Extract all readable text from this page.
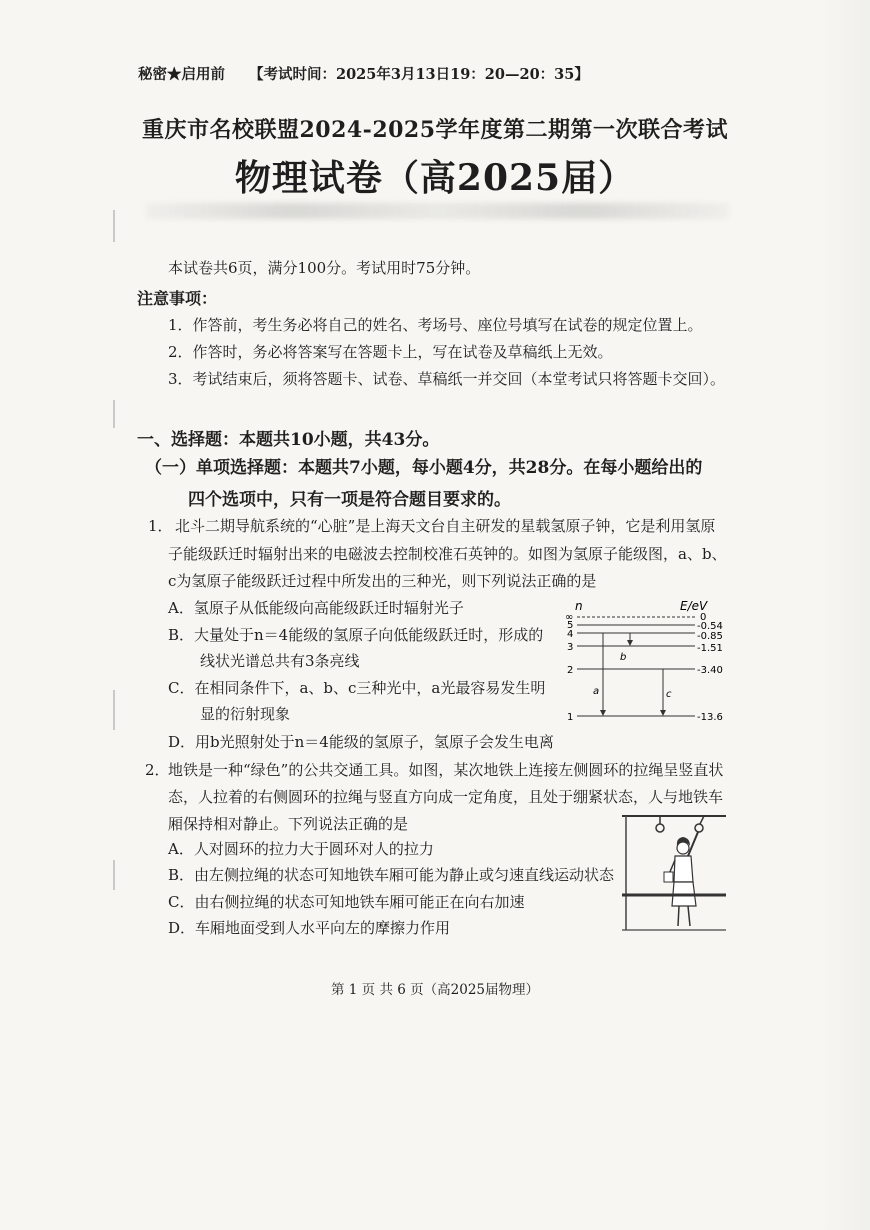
秘密★启用前 【考试时间：2025年3月13日19：20—20：35】
重庆市名校联盟2024-2025学年度第二期第一次联合考试
物理试卷（高2025届）
本试卷共6页，满分100分。考试用时75分钟。
注意事项：
1．作答前，考生务必将自己的姓名、考场号、座位号填写在试卷的规定位置上。
2．作答时，务必将答案写在答题卡上，写在试卷及草稿纸上无效。
3．考试结束后，须将答题卡、试卷、草稿纸一并交回（本堂考试只将答题卡交回）。
一、选择题：本题共10小题，共43分。
（一）单项选择题：本题共7小题，每小题4分，共28分。在每小题给出的
四个选项中，只有一项是符合题目要求的。
1． 北斗二期导航系统的“心脏”是上海天文台自主研发的星载氢原子钟，它是利用氢原
子能级跃迁时辐射出来的电磁波去控制校准石英钟的。如图为氢原子能级图，a、b、
c为氢原子能级跃迁过程中所发出的三种光，则下列说法正确的是
A．氢原子从低能级向高能级跃迁时辐射光子
B．大量处于n＝4能级的氢原子向低能级跃迁时，形成的
线状光谱总共有3条亮线
C．在相同条件下，a、b、c三种光中，a光最容易发生明
显的衍射现象
D．用b光照射处于n＝4能级的氢原子，氢原子会发生电离
n	E/eV
∞
5
4
3
2
1
0
-0.54
-0.85
-1.51
-3.40
-13.6
a
b
c
2．
地铁是一种“绿色”的公共交通工具。如图，某次地铁上连接左侧圆环的拉绳呈竖直状
态，人拉着的右侧圆环的拉绳与竖直方向成一定角度，且处于绷紧状态，人与地铁车
厢保持相对静止。下列说法正确的是
A．人对圆环的拉力大于圆环对人的拉力
B．由左侧拉绳的状态可知地铁车厢可能为静止或匀速直线运动状态
C．由右侧拉绳的状态可知地铁车厢可能正在向右加速
D．车厢地面受到人水平向左的摩擦力作用
第 1 页 共 6 页（高2025届物理）
